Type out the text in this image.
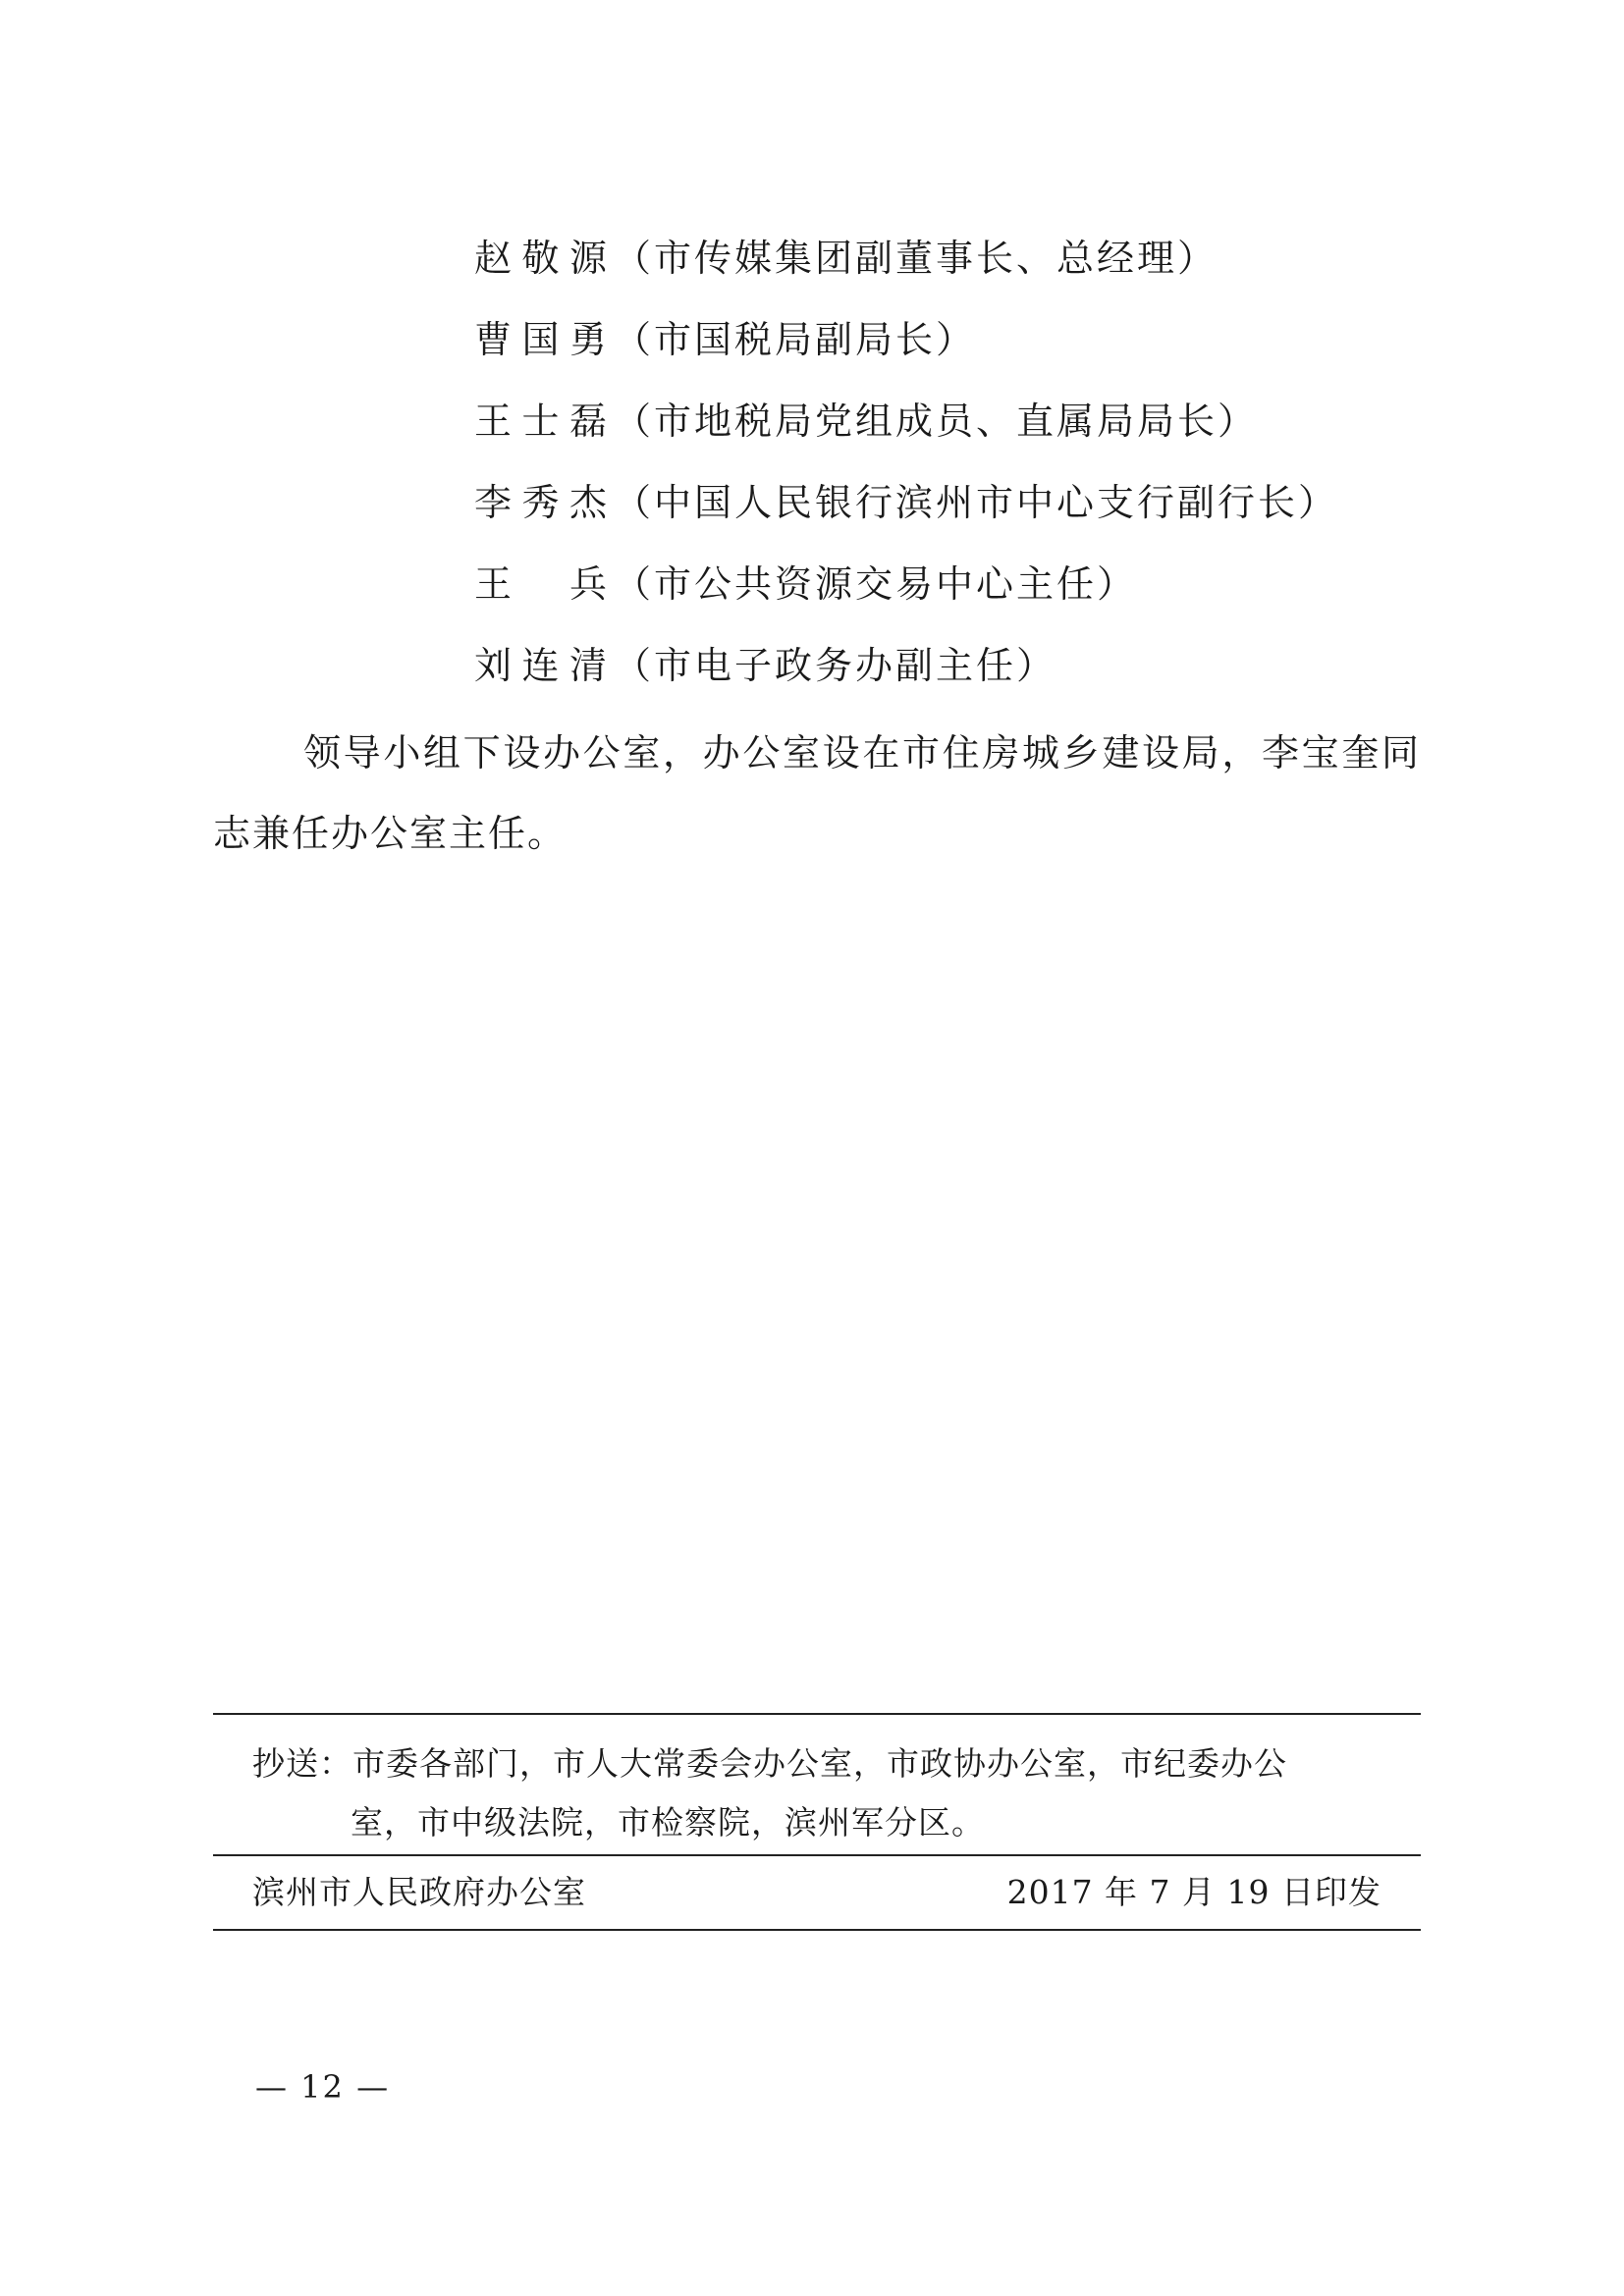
赵敬源 （市传媒集团副董事长、总经理）
曹国勇 （市国税局副局长）
王士磊 （市地税局党组成员、直属局局长）
李秀杰 （中国人民银行滨州市中心支行副行长）
王　兵 （市公共资源交易中心主任）
刘连清 （市电子政务办副主任）
领导小组下设办公室，办公室设在市住房城乡建设局，李宝奎同志兼任办公室主任。
抄送：市委各部门，市人大常委会办公室，市政协办公室，市纪委办公
室，市中级法院，市检察院，滨州军分区。
滨州市人民政府办公室	2017 年 7 月 19 日印发
— 12 —
